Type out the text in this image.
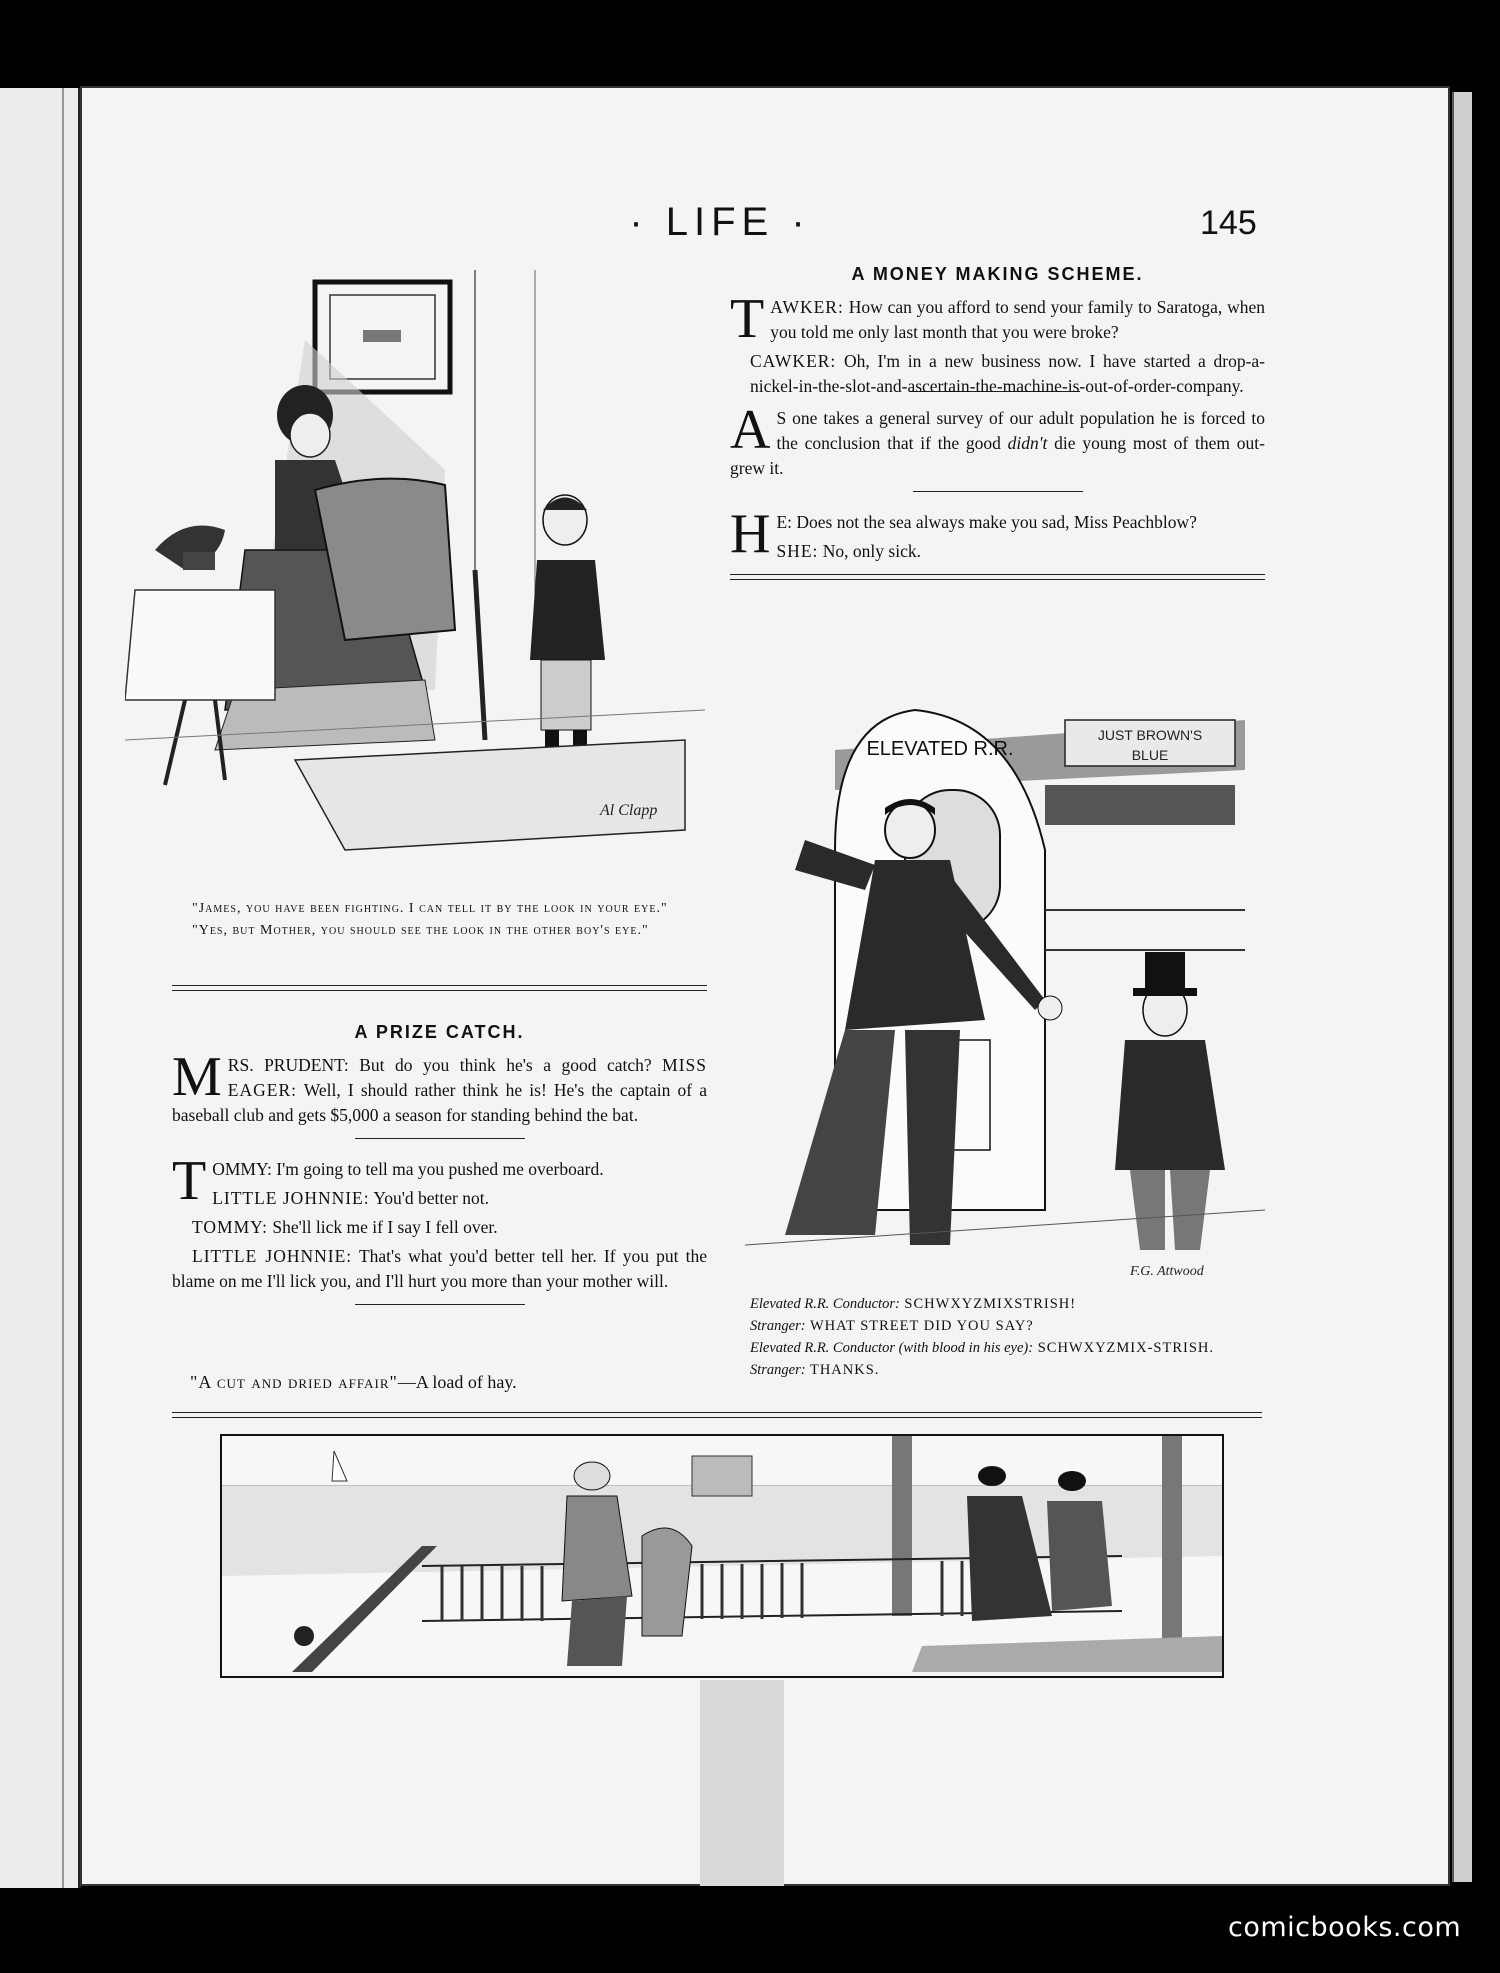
· LIFE ·	145
Al Clapp
A MONEY MAKING SCHEME.

TAWKER: How can you afford to send your family to Saratoga, when you told me only last month that you were broke?

CAWKER: Oh, I'm in a new business now. I have started a drop-a-nickel-in-the-slot-and-ascertain-the-machine-is-out-of-order-company.

A S one takes a general survey of our adult population he is forced to the conclusion that if the good didn't die young most of them out-grew it.

H E: Does not the sea always make you sad, Miss Peachblow?

SHE: No, only sick.

JUST BROWN'S
BLUE
ELEVATED R.R.
F.G. Attwood
Elevated R.R. Conductor: SCHWXYZMIXSTRISH!
Stranger: WHAT STREET DID YOU SAY?
Elevated R.R. Conductor (with blood in his eye): SCHWXYZMIX-STRISH.
Stranger: THANKS.
"James, you have been fighting. I can tell it by the look in your eye."
"Yes, but Mother, you should see the look in the other boy's eye."
A PRIZE CATCH.

MRS. PRUDENT: But do you think he's a good catch? MISS EAGER: Well, I should rather think he is! He's the captain of a baseball club and gets $5,000 a season for standing behind the bat.

TOMMY: I'm going to tell ma you pushed me overboard.

LITTLE JOHNNIE: You'd better not.

TOMMY: She'll lick me if I say I fell over.

LITTLE JOHNNIE: That's what you'd better tell her. If you put the blame on me I'll lick you, and I'll hurt you more than your mother will.

"A cut and dried affair"—A load of hay.
comicbooks.com
